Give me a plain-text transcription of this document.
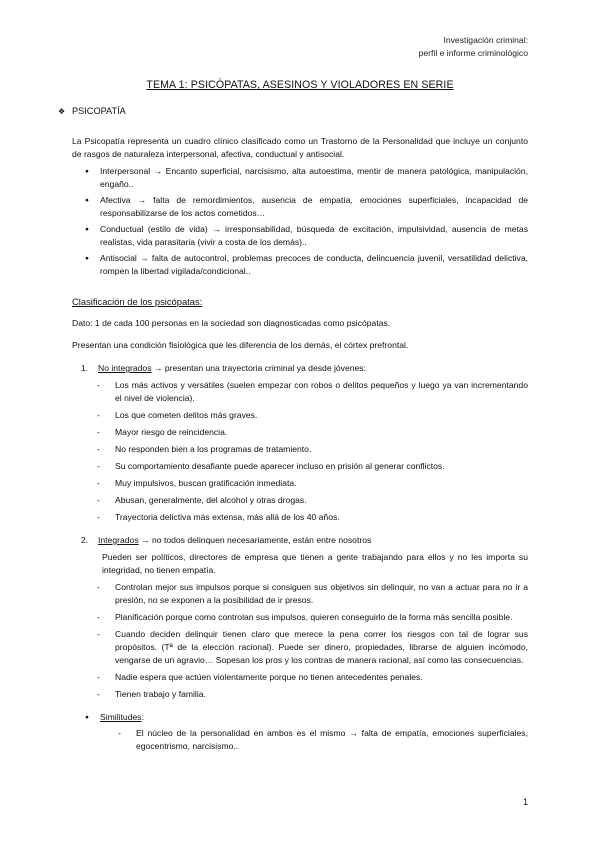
Investigación criminal:
perfil e informe criminológico
TEMA 1: PSICÓPATAS, ASESINOS Y VIOLADORES EN SERIE
❖ PSICOPATÍA

La Psicopatía representa un cuadro clínico clasificado como un Trastorno de la Personalidad que incluye un conjunto de rasgos de naturaleza interpersonal, afectiva, conductual y antisocial.

● Interpersonal → Encanto superficial, narcisismo, alta autoestima, mentir de manera patológica, manipulación, engaño..
● Afectiva → falta de remordimientos, ausencia de empatía, emociones superficiales, incapacidad de responsabilizarse de los actos cometidos…
● Conductual (estilo de vida) → irresponsabilidad, búsqueda de excitación, impulsividad, ausencia de metas realistas, vida parasitaria (vivir a costa de los demás)..
● Antisocial → falta de autocontrol, problemas precoces de conducta, delincuencia juvenil, versatilidad delictiva, rompen la libertad vigilada/condicional..
Clasificación de los psicópatas:

Dato: 1 de cada 100 personas en la sociedad son diagnosticadas como psicópatas.

Presentan una condición fisiológica que les diferencia de los demás, el córtex prefrontal.

1.	No integrados → presentan una trayectoria criminal ya desde jóvenes:
- Los más activos y versátiles (suelen empezar con robos o delitos pequeños y luego ya van incrementando el nivel de violencia).
- Los que cometen delitos más graves.
- Mayor riesgo de reincidencia.
- No responden bien a los programas de tratamiento.
- Su comportamiento desafiante puede aparecer incluso en prisión al generar conflictos.
- Muy impulsivos, buscan gratificación inmediata.
- Abusan, generalmente, del alcohol y otras drogas.
- Trayectoria delictiva más extensa, más allá de los 40 años.
2.	Integrados → no todos delinquen necesariamente, están entre nosotros

Pueden ser políticos, directores de empresa que tienen a gente trabajando para ellos y no les importa su integridad, no tienen empatía.

- Controlan mejor sus impulsos porque si consiguen sus objetivos sin delinquir, no van a actuar para no ir a presión, no se exponen a la posibilidad de ir presos.
- Planificación porque como controlan sus impulsos, quieren conseguirlo de la forma más sencilla posible.
- Cuando deciden delinquir tienen claro que merece la pena correr los riesgos con tal de lograr sus propósitos. (Tª de la elección racional). Puede ser dinero, propiedades, librarse de alguien incómodo, vengarse de un agravio… Sopesan los pros y los contras de manera racional, así como las consecuencias.
- Nadie espera que actúen violentamente porque no tienen antecedentes penales.
- Tienen trabajo y familia.
● Similitudes:
- El núcleo de la personalidad en ambos es el mismo → falta de empatía, emociones superficiales, egocentrismo, narcisismo..
1
